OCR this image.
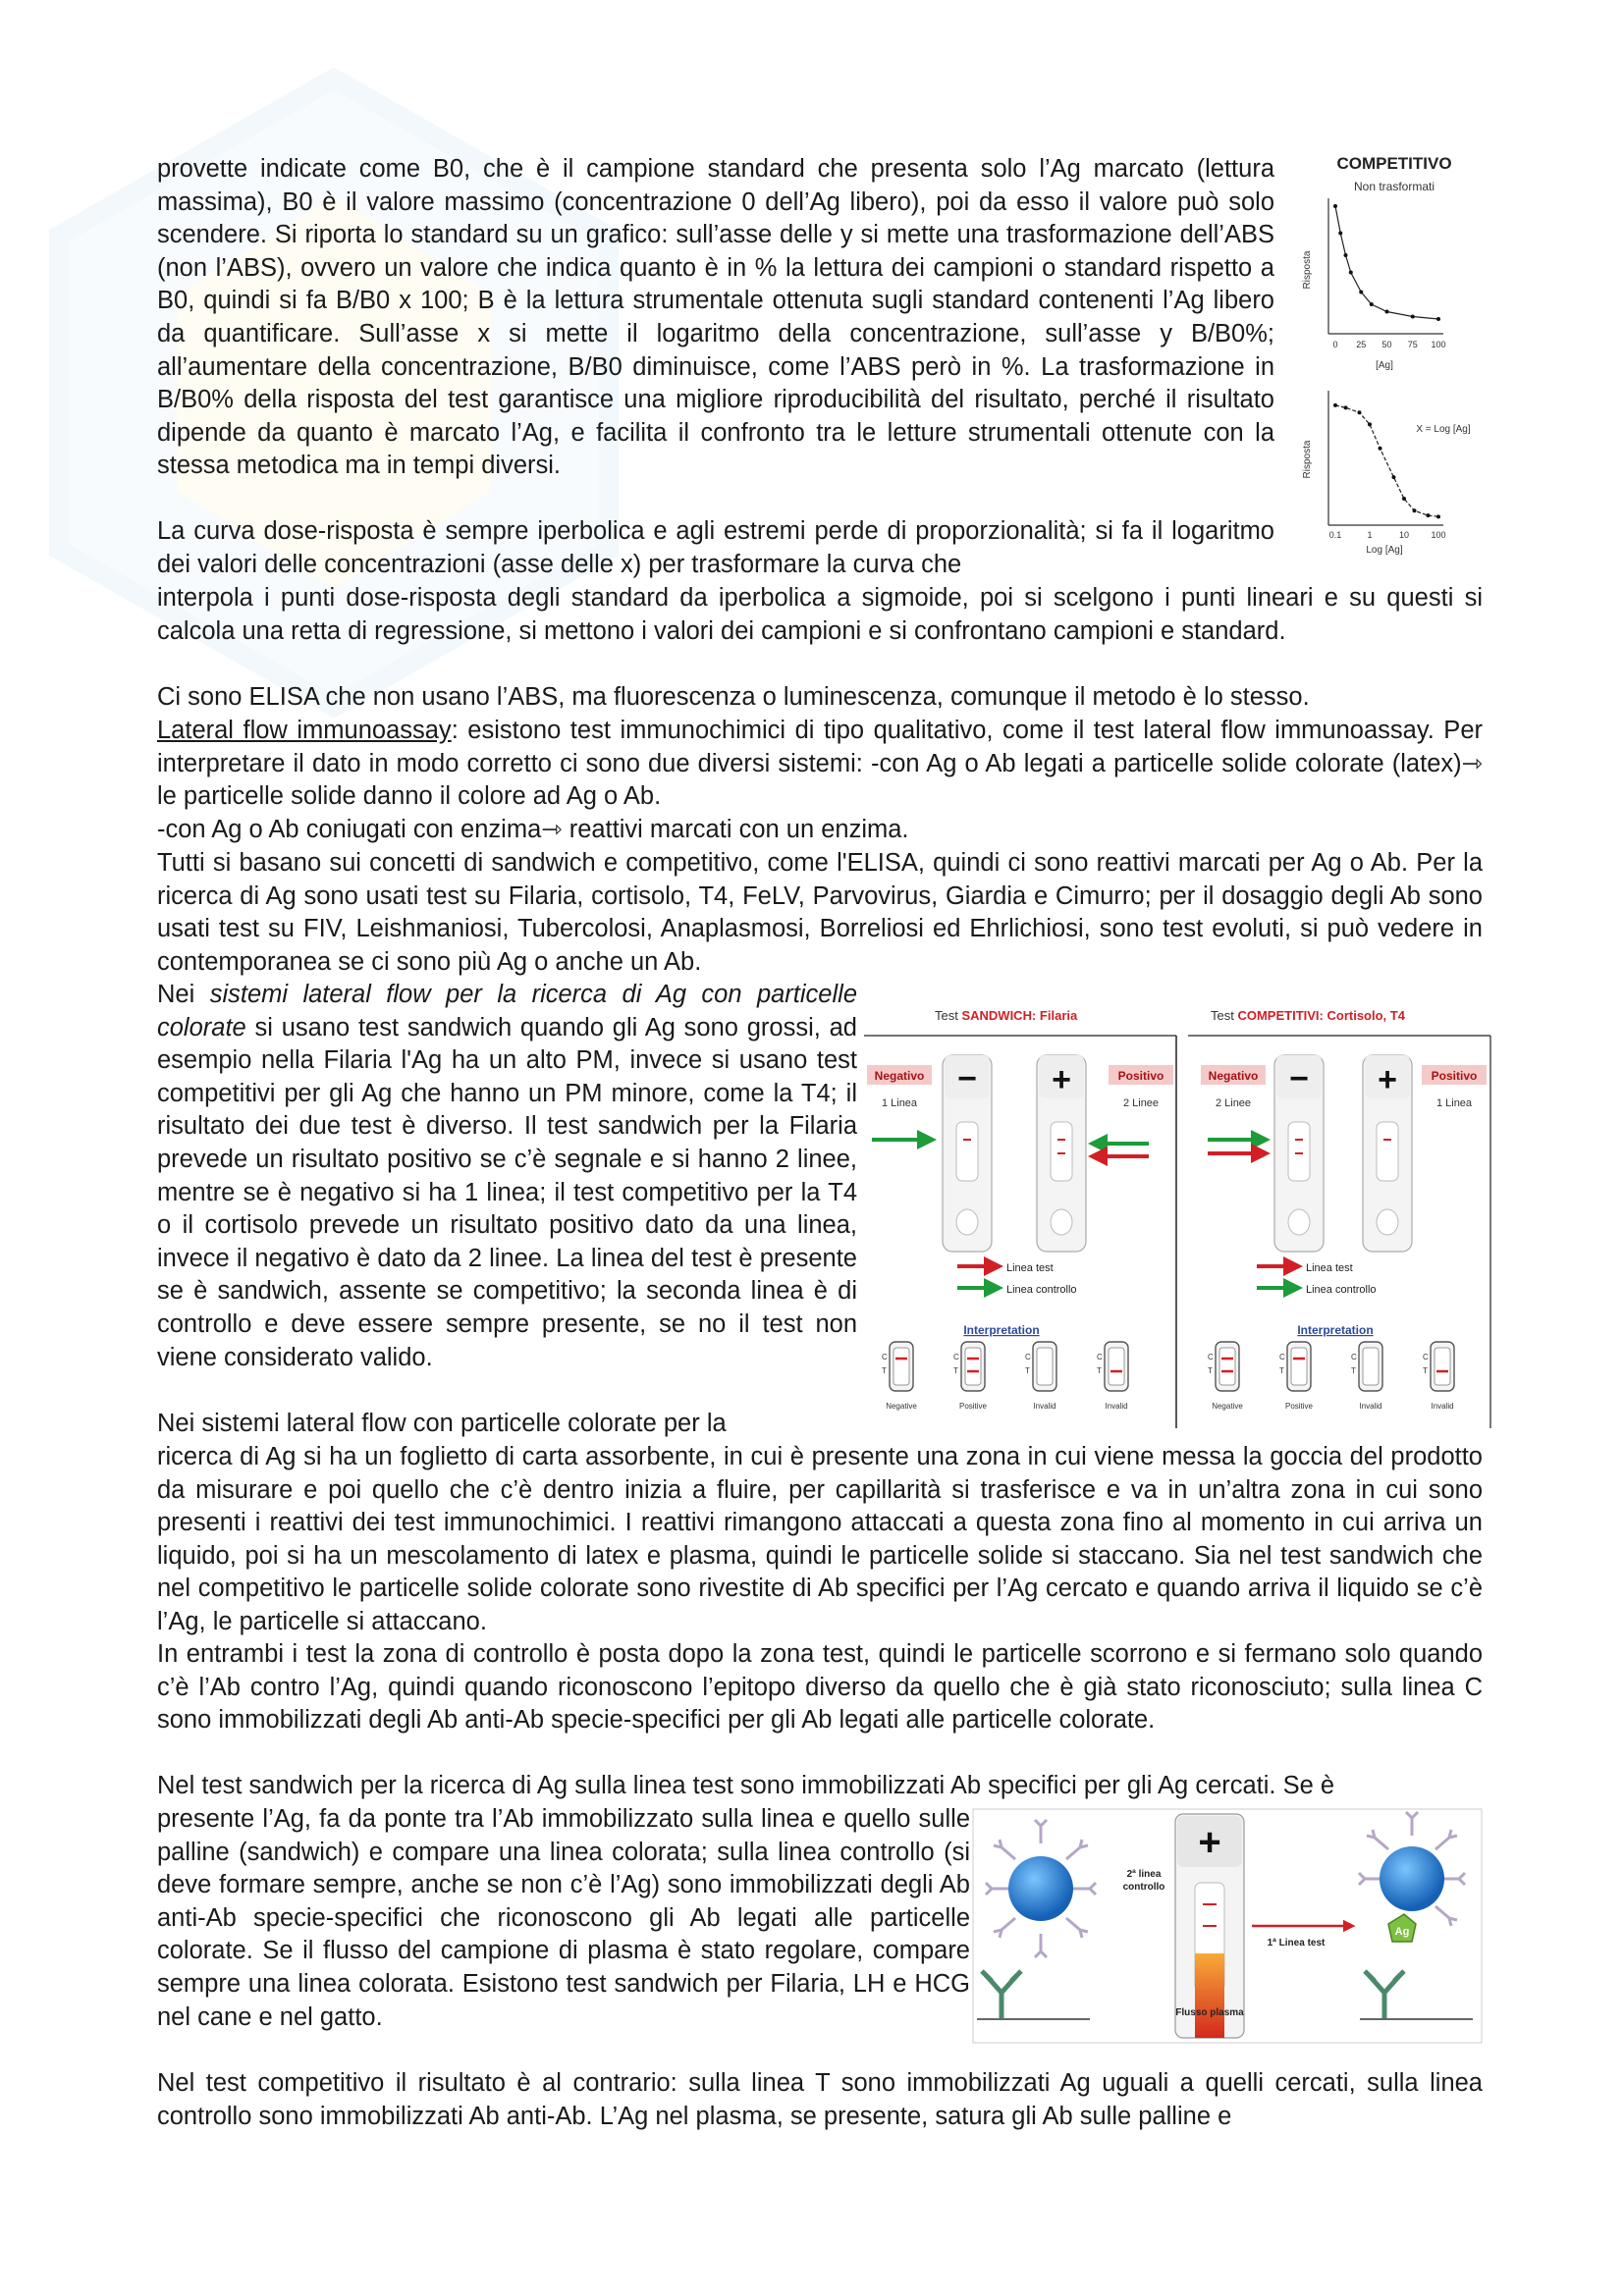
provette indicate come B0, che è il campione standard che presenta solo l’Ag marcato (lettura massima), B0 è il valore massimo (concentrazione 0 dell’Ag libero), poi da esso il valore può solo scendere. Si riporta lo standard su un grafico: sull’asse delle y si mette una trasformazione dell’ABS (non l’ABS), ovvero un valore che indica quanto è in % la lettura dei campioni o standard rispetto a B0, quindi si fa B/B0 x 100; B è la lettura strumentale ottenuta sugli standard contenenti l’Ag libero da quantificare. Sull’asse x si mette il logaritmo della concentrazione, sull’asse y B/B0%; all’aumentare della concentrazione, B/B0 diminuisce, come l’ABS però in %. La trasformazione in B/B0% della risposta del test garantisce una migliore riproducibilità del risultato, perché il risultato dipende da quanto è marcato l’Ag, e facilita il confronto tra le letture strumentali ottenute con la stessa metodica ma in tempi diversi.

La curva dose-risposta è sempre iperbolica e agli estremi perde di proporzionalità; si fa il logaritmo dei valori delle concentrazioni (asse delle x) per trasformare la curva che

interpola i punti dose-risposta degli standard da iperbolica a sigmoide, poi si scelgono i punti lineari e su questi si calcola una retta di regressione, si mettono i valori dei campioni e si confrontano campioni e standard.

Ci sono ELISA che non usano l’ABS, ma fluorescenza o luminescenza, comunque il metodo è lo stesso.

Lateral flow immunoassay: esistono test immunochimici di tipo qualitativo, come il test lateral flow immunoassay. Per interpretare il dato in modo corretto ci sono due diversi sistemi: -con Ag o Ab legati a particelle solide colorate (latex)⇾ le particelle solide danno il colore ad Ag o Ab.

-con Ag o Ab coniugati con enzima⇾ reattivi marcati con un enzima.

Tutti si basano sui concetti di sandwich e competitivo, come l'ELISA, quindi ci sono reattivi marcati per Ag o Ab. Per la ricerca di Ag sono usati test su Filaria, cortisolo, T4, FeLV, Parvovirus, Giardia e Cimurro; per il dosaggio degli Ab sono usati test su FIV, Leishmaniosi, Tubercolosi, Anaplasmosi, Borreliosi ed Ehrlichiosi, sono test evoluti, si può vedere in contemporanea se ci sono più Ag o anche un Ab.

Nei sistemi lateral flow per la ricerca di Ag con particelle colorate si usano test sandwich quando gli Ag sono grossi, ad esempio nella Filaria l'Ag ha un alto PM, invece si usano test competitivi per gli Ag che hanno un PM minore, come la T4; il risultato dei due test è diverso. Il test sandwich per la Filaria prevede un risultato positivo se c’è segnale e si hanno 2 linee, mentre se è negativo si ha 1 linea; il test competitivo per la T4 o il cortisolo prevede un risultato positivo dato da una linea, invece il negativo è dato da 2 linee. La linea del test è presente se è sandwich, assente se competitivo; la seconda linea è di controllo e deve essere sempre presente, se no il test non viene considerato valido.

Nei sistemi lateral flow con particelle colorate per la

ricerca di Ag si ha un foglietto di carta assorbente, in cui è presente una zona in cui viene messa la goccia del prodotto da misurare e poi quello che c’è dentro inizia a fluire, per capillarità si trasferisce e va in un’altra zona in cui sono presenti i reattivi dei test immunochimici. I reattivi rimangono attaccati a questa zona fino al momento in cui arriva un liquido, poi si ha un mescolamento di latex e plasma, quindi le particelle solide si staccano. Sia nel test sandwich che nel competitivo le particelle solide colorate sono rivestite di Ab specifici per l’Ag cercato e quando arriva il liquido se c’è l’Ag, le particelle si attaccano.

In entrambi i test la zona di controllo è posta dopo la zona test, quindi le particelle scorrono e si fermano solo quando c’è l’Ab contro l’Ag, quindi quando riconoscono l’epitopo diverso da quello che è già stato riconosciuto; sulla linea C sono immobilizzati degli Ab anti-Ab specie-specifici per gli Ab legati alle particelle colorate.

Nel test sandwich per la ricerca di Ag sulla linea test sono immobilizzati Ab specifici per gli Ag cercati. Se è

presente l’Ag, fa da ponte tra l’Ab immobilizzato sulla linea e quello sulle palline (sandwich) e compare una linea colorata; sulla linea controllo (si deve formare sempre, anche se non c’è l’Ag) sono immobilizzati degli Ab anti-Ab specie-specifici che riconoscono gli Ab legati alle particelle colorate. Se il flusso del campione di plasma è stato regolare, compare sempre una linea colorata. Esistono test sandwich per Filaria, LH e HCG nel cane e nel gatto.

Nel test competitivo il risultato è al contrario: sulla linea T sono immobilizzati Ag uguali a quelli cercati, sulla linea controllo sono immobilizzati Ab anti-Ab. L’Ag nel plasma, se presente, satura gli Ab sulle palline e

COMPETITIVO
Non trasformati
Risposta
[Ag]
0 25 50 75 100
Risposta
Log [Ag]
X = Log [Ag]
0.1	1	10 100
Test SANDWICH: Filaria	Test COMPETITIVI: Cortisolo, T4
Negativo
1 Linea
Positivo
2 Linee
− +
Linea test
Linea controllo
Interpretation
C
T
Negative
C
T
Positive
C
T
Invalid
C
T
Invalid
Negativo
2 Linee
Positivo
1 Linea
− +
Linea test
Linea controllo
Interpretation
C
T
Negative
C
T
Positive
C
T
Invalid
C
T
Invalid
+
2ª linea
controllo
1ª Linea test
Flusso plasma
Ag
